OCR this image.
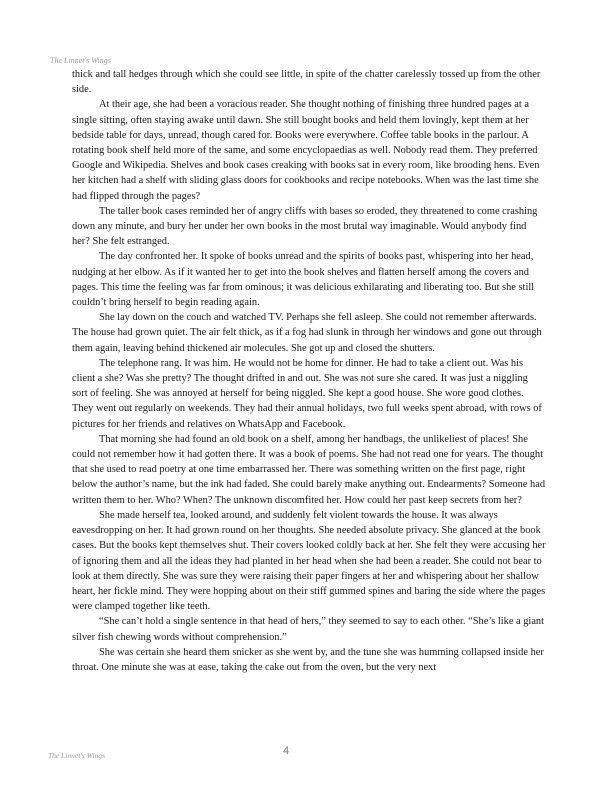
The Linnet's Wings

thick and tall hedges through which she could see little, in spite of the chatter carelessly tossed up from the other side.

At their age, she had been a voracious reader. She thought nothing of finishing three hundred pages at a single sitting, often staying awake until dawn. She still bought books and held them lovingly, kept them at her bedside table for days, unread, though cared for. Books were everywhere. Coffee table books in the parlour. A rotating book shelf held more of the same, and some encyclopaedias as well. Nobody read them. They preferred Google and Wikipedia. Shelves and book cases creaking with books sat in every room, like brooding hens. Even her kitchen had a shelf with sliding glass doors for cookbooks and recipe notebooks. When was the last time she had flipped through the pages?

The taller book cases reminded her of angry cliffs with bases so eroded, they threatened to come crashing down any minute, and bury her under her own books in the most brutal way imaginable. Would anybody find her? She felt estranged.

The day confronted her. It spoke of books unread and the spirits of books past, whispering into her head, nudging at her elbow. As if it wanted her to get into the book shelves and flatten herself among the covers and pages. This time the feeling was far from ominous; it was delicious exhilarating and liberating too. But she still couldn’t bring herself to begin reading again.

She lay down on the couch and watched TV. Perhaps she fell asleep. She could not remember afterwards. The house had grown quiet. The air felt thick, as if a fog had slunk in through her windows and gone out through them again, leaving behind thickened air molecules. She got up and closed the shutters.

The telephone rang. It was him. He would not be home for dinner. He had to take a client out. Was his client a she? Was she pretty? The thought drifted in and out. She was not sure she cared. It was just a niggling sort of feeling. She was annoyed at herself for being niggled. She kept a good house. She wore good clothes. They went out regularly on weekends. They had their annual holidays, two full weeks spent abroad, with rows of pictures for her friends and relatives on WhatsApp and Facebook.

That morning she had found an old book on a shelf, among her handbags, the unlikeliest of places! She could not remember how it had gotten there. It was a book of poems. She had not read one for years. The thought that she used to read poetry at one time embarrassed her. There was something written on the first page, right below the author’s name, but the ink had faded. She could barely make anything out. Endearments? Someone had written them to her. Who? When? The unknown discomfited her. How could her past keep secrets from her?

She made herself tea, looked around, and suddenly felt violent towards the house. It was always eavesdropping on her. It had grown round on her thoughts. She needed absolute privacy. She glanced at the book cases. But the books kept themselves shut. Their covers looked coldly back at her. She felt they were accusing her of ignoring them and all the ideas they had planted in her head when she had been a reader. She could not bear to look at them directly. She was sure they were raising their paper fingers at her and whispering about her shallow heart, her fickle mind. They were hopping about on their stiff gummed spines and baring the side where the pages were clamped together like teeth.

“She can’t hold a single sentence in that head of hers,” they seemed to say to each other. “She’s like a giant silver fish chewing words without comprehension.”

She was certain she heard them snicker as she went by, and the tune she was humming collapsed inside her throat. One minute she was at ease, taking the cake out from the oven, but the very next

The Linnet's Wings	4
